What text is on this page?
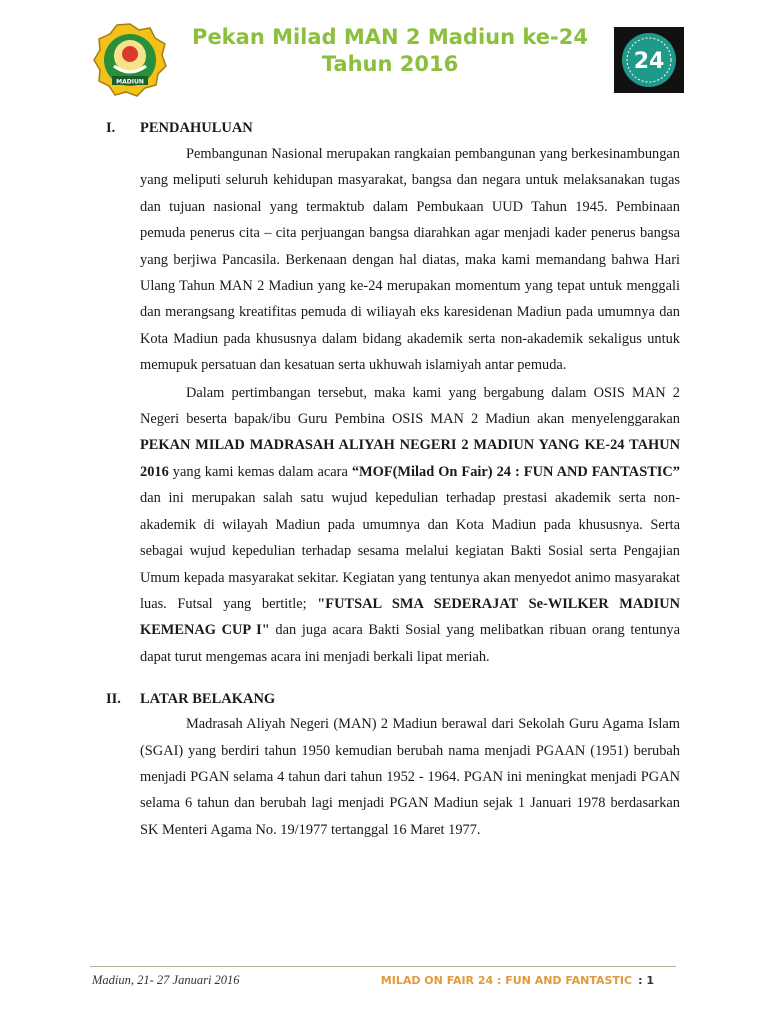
MADIUN
Pekan Milad MAN 2 Madiun ke-24
Tahun 2016	24
I.	PENDAHULUAN

Pembangunan Nasional merupakan rangkaian pembangunan yang berkesinambungan yang meliputi seluruh kehidupan masyarakat, bangsa dan negara untuk melaksanakan tugas dan tujuan nasional yang termaktub dalam Pembukaan UUD Tahun 1945. Pembinaan pemuda penerus cita – cita perjuangan bangsa diarahkan agar menjadi kader penerus bangsa yang berjiwa Pancasila. Berkenaan dengan hal diatas, maka kami memandang bahwa Hari Ulang Tahun MAN 2 Madiun yang ke-24 merupakan momentum yang tepat untuk menggali dan merangsang kreatifitas pemuda di wiliayah eks karesidenan Madiun pada umumnya dan Kota Madiun pada khususnya dalam bidang akademik serta non-akademik sekaligus untuk memupuk persatuan dan kesatuan serta ukhuwah islamiyah antar pemuda.

Dalam pertimbangan tersebut, maka kami yang bergabung dalam OSIS MAN 2 Negeri beserta bapak/ibu Guru Pembina OSIS MAN 2 Madiun akan menyelenggarakan PEKAN MILAD MADRASAH ALIYAH NEGERI 2 MADIUN YANG KE-24 TAHUN 2016 yang kami kemas dalam acara “MOF(Milad On Fair) 24 : FUN AND FANTASTIC” dan ini merupakan salah satu wujud kepedulian terhadap prestasi akademik serta non-akademik di wilayah Madiun pada umumnya dan Kota Madiun pada khususnya. Serta sebagai wujud kepedulian terhadap sesama melalui kegiatan Bakti Sosial serta Pengajian Umum kepada masyarakat sekitar. Kegiatan yang tentunya akan menyedot animo masyarakat luas. Futsal yang bertitle; "FUTSAL SMA SEDERAJAT Se-WILKER MADIUN KEMENAG CUP I" dan juga acara Bakti Sosial yang melibatkan ribuan orang tentunya dapat turut mengemas acara ini menjadi berkali lipat meriah.

II.	LATAR BELAKANG

Madrasah Aliyah Negeri (MAN) 2 Madiun berawal dari Sekolah Guru Agama Islam (SGAI) yang berdiri tahun 1950 kemudian berubah nama menjadi PGAAN (1951) berubah menjadi PGAN selama 4 tahun dari tahun 1952 - 1964. PGAN ini meningkat menjadi PGAN selama 6 tahun dan berubah lagi menjadi PGAN Madiun sejak 1 Januari 1978 berdasarkan SK Menteri Agama No. 19/1977 tertanggal 16 Maret 1977.

Madiun, 21- 27 Januari 2016	MILAD ON FAIR 24 : FUN AND FANTASTIC : 1
